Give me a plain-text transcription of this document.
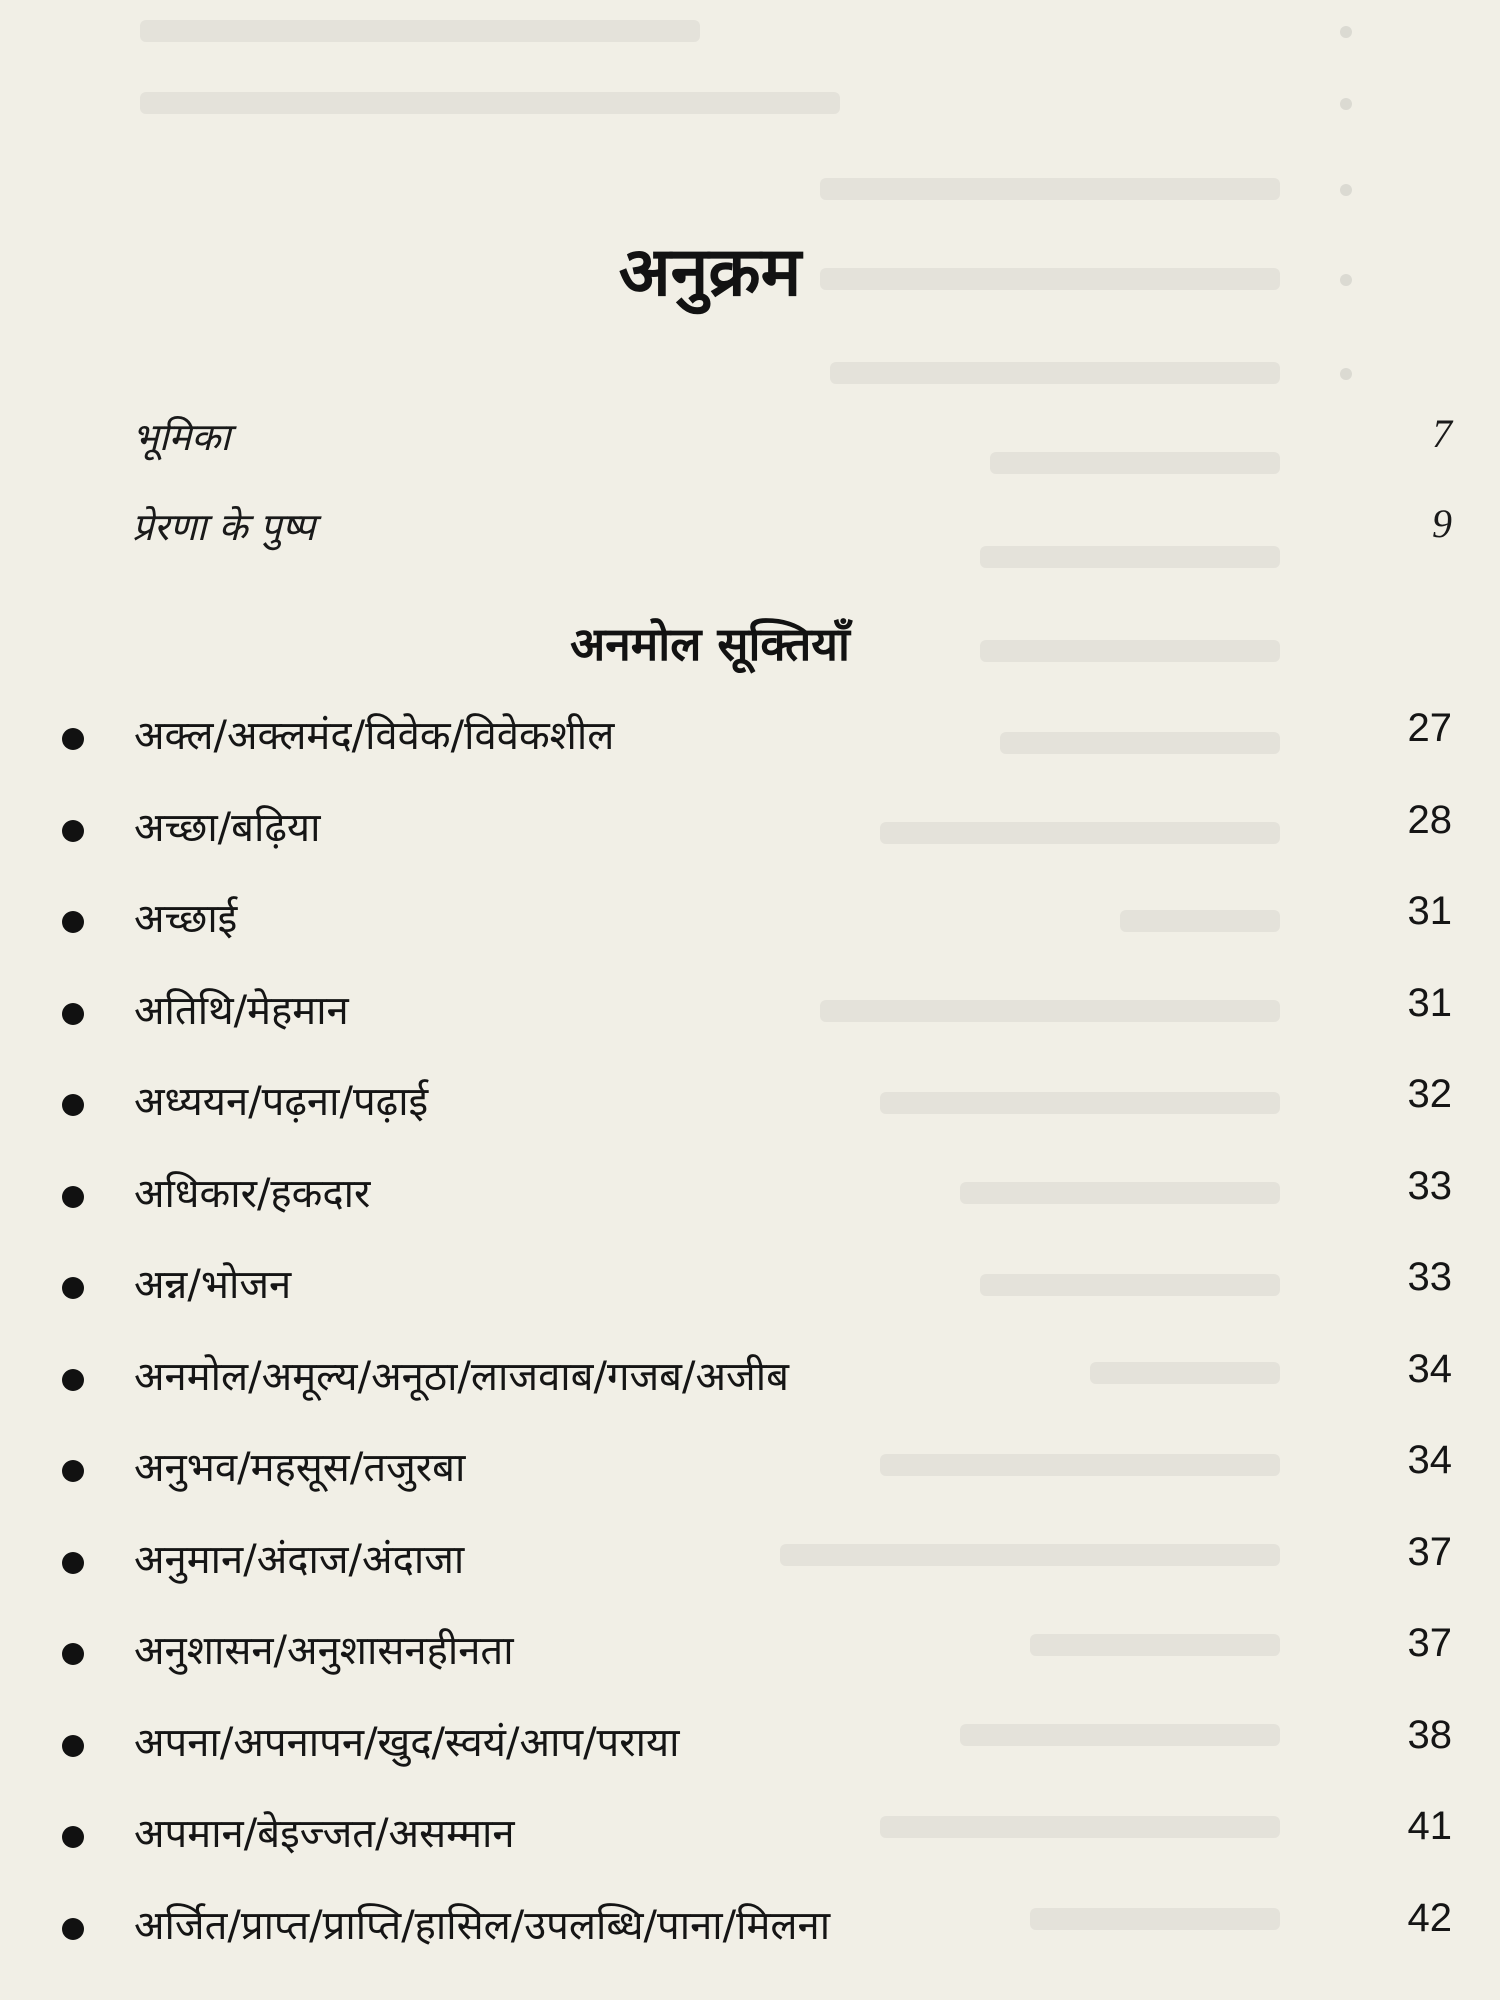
अनुक्रम
भूमिका	7
प्रेरणा के पुष्प	9
अनमोल सूक्तियाँ
अक्ल/अक्लमंद/विवेक/विवेकशील	27
अच्छा/बढ़िया	28
अच्छाई	31
अतिथि/मेहमान	31
अध्ययन/पढ़ना/पढ़ाई	32
अधिकार/हकदार	33
अन्न/भोजन	33
अनमोल/अमूल्य/अनूठा/लाजवाब/गजब/अजीब	34
अनुभव/महसूस/तजुरबा	34
अनुमान/अंदाज/अंदाजा	37
अनुशासन/अनुशासनहीनता	37
अपना/अपनापन/खुद/स्वयं/आप/पराया	38
अपमान/बेइज्जत/असम्मान	41
अर्जित/प्राप्त/प्राप्ति/हासिल/उपलब्धि/पाना/मिलना	42
